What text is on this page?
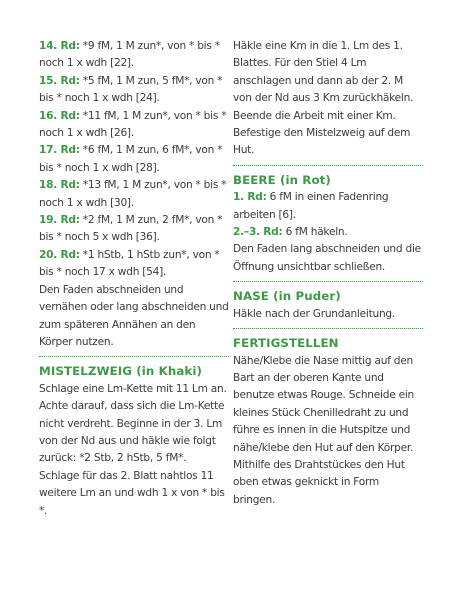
14. Rd: *9 fM, 1 M zun*, von * bis * noch 1 x wdh [22].

15. Rd: *5 fM, 1 M zun, 5 fM*, von * bis * noch 1 x wdh [24].

16. Rd: *11 fM, 1 M zun*, von * bis * noch 1 x wdh [26].

17. Rd: *6 fM, 1 M zun, 6 fM*, von * bis * noch 1 x wdh [28].

18. Rd: *13 fM, 1 M zun*, von * bis * noch 1 x wdh [30].

19. Rd: *2 fM, 1 M zun, 2 fM*, von * bis * noch 5 x wdh [36].

20. Rd: *1 hStb, 1 hStb zun*, von * bis * noch 17 x wdh [54].

Den Faden abschneiden und vernähen oder lang abschneiden und zum späteren Annähen an den Körper nutzen.

MISTELZWEIG (in Khaki)

Schlage eine Lm-Kette mit 11 Lm an. Achte darauf, dass sich die Lm-Kette nicht verdreht. Beginne in der 3. Lm von der Nd aus und häkle wie folgt zurück: *2 Stb, 2 hStb, 5 fM*. Schlage für das 2. Blatt nahtlos 11 weitere Lm an und wdh 1 x von * bis *.

Häkle eine Km in die 1. Lm des 1. Blattes. Für den Stiel 4 Lm anschlagen und dann ab der 2. M von der Nd aus 3 Km zurückhäkeln. Beende die Arbeit mit einer Km. Befestige den Mistelzweig auf dem Hut.

BEERE (in Rot)

1. Rd: 6 fM in einen Fadenring arbeiten [6].

2.–3. Rd: 6 fM häkeln.

Den Faden lang abschneiden und die Öffnung unsichtbar schließen.

NASE (in Puder)

Häkle nach der Grundanleitung.

FERTIGSTELLEN

Nähe/Klebe die Nase mittig auf den Bart an der oberen Kante und benutze etwas Rouge. Schneide ein kleines Stück Chenilledraht zu und führe es innen in die Hutspitze und nähe/klebe den Hut auf den Körper. Mithilfe des Drahtstückes den Hut oben etwas geknickt in Form bringen.
